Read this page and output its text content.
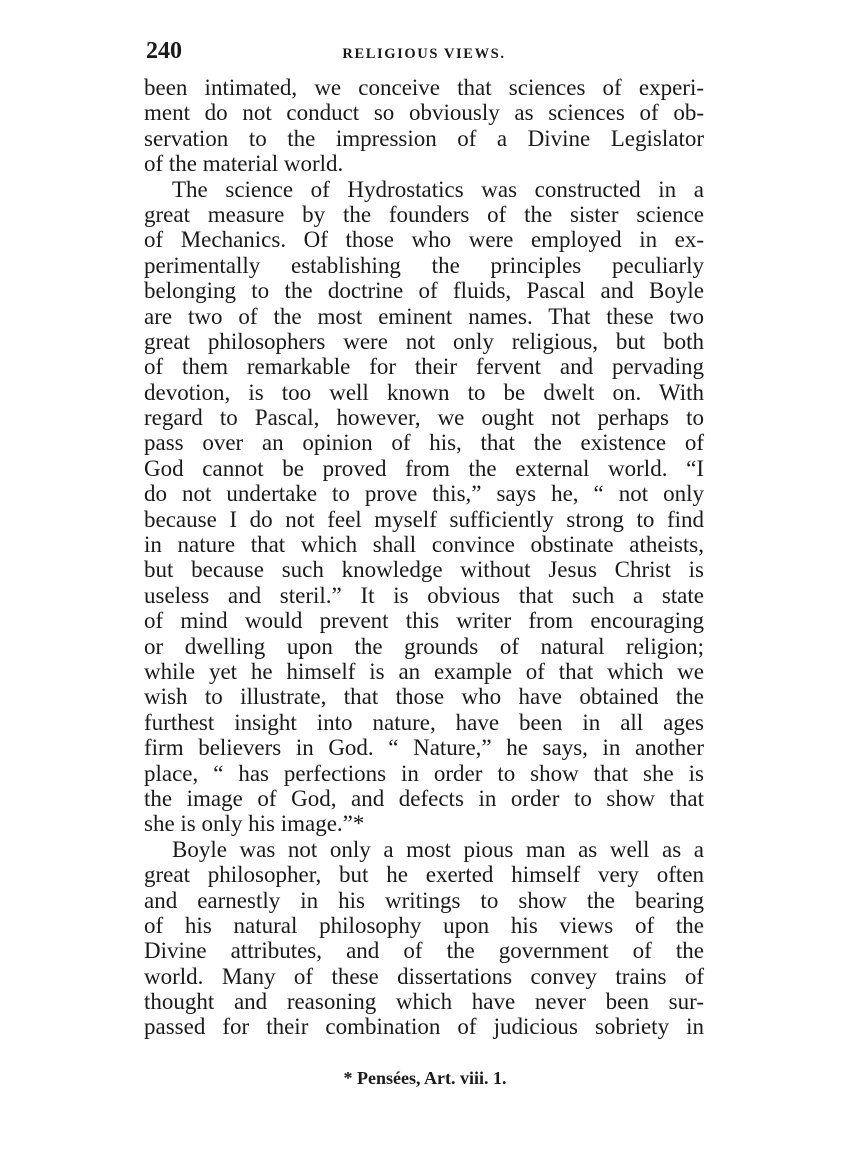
240	RELIGIOUS VIEWS.
been intimated, we conceive that sciences of experi-
ment do not conduct so obviously as sciences of ob-
servation to the impression of a Divine Legislator
of the material world.
The science of Hydrostatics was constructed in a
great measure by the founders of the sister science
of Mechanics. Of those who were employed in ex-
perimentally establishing the principles peculiarly
belonging to the doctrine of fluids, Pascal and Boyle
are two of the most eminent names. That these two
great philosophers were not only religious, but both
of them remarkable for their fervent and pervading
devotion, is too well known to be dwelt on. With
regard to Pascal, however, we ought not perhaps to
pass over an opinion of his, that the existence of
God cannot be proved from the external world. “I
do not undertake to prove this,” says he, “ not only
because I do not feel myself sufficiently strong to find
in nature that which shall convince obstinate atheists,
but because such knowledge without Jesus Christ is
useless and steril.” It is obvious that such a state
of mind would prevent this writer from encouraging
or dwelling upon the grounds of natural religion;
while yet he himself is an example of that which we
wish to illustrate, that those who have obtained the
furthest insight into nature, have been in all ages
firm believers in God. “ Nature,” he says, in another
place, “ has perfections in order to show that she is
the image of God, and defects in order to show that
she is only his image.”*
Boyle was not only a most pious man as well as a
great philosopher, but he exerted himself very often
and earnestly in his writings to show the bearing
of his natural philosophy upon his views of the
Divine attributes, and of the government of the
world. Many of these dissertations convey trains of
thought and reasoning which have never been sur-
passed for their combination of judicious sobriety in
* Pensées, Art. viii. 1.
